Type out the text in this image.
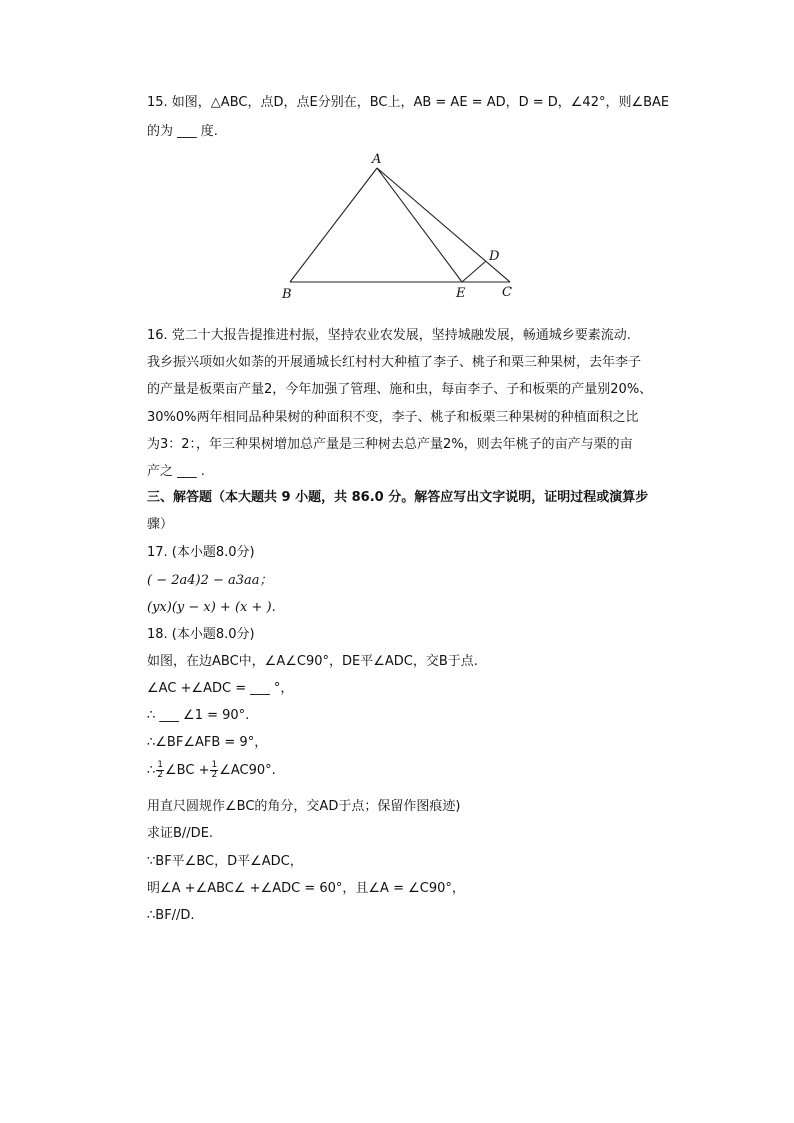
15. 如图，△ABC，点D，点E分别在，BC上，AB = AE = AD，D = D，∠42°，则∠BAE
的为 ___ 度.
A
B	C
D
E
16. 党二十大报告提推进村振，坚持农业农发展，坚持城融发展，畅通城乡要素流动.
我乡振兴项如火如荼的开展通城长红村村大种植了李子、桃子和栗三种果树，去年李子
的产量是板栗亩产量2，今年加强了管理、施和虫，每亩李子、子和板栗的产量别20%、
30%0%两年相同品种果树的种面积不变，李子、桃子和板栗三种果树的种植面积之比
为3：2：，年三种果树增加总产量是三种树去总产量2%，则去年桃子的亩产与栗的亩
产之 ___ .
三、解答题（本大题共 9 小题，共 86.0 分。解答应写出文字说明，证明过程或演算步
骤）
17. (本小题8.0分)
( − 2a4)2 − a3aa；
(yx)(y − x) + (x + ).
18. (本小题8.0分)
如图，在边ABC中，∠A∠C90°，DE平∠ADC，交B于点.
∠AC +∠ADC = ___ °，
∴ ___ ∠1 = 90°.
∴∠BF∠AFB = 9°，
∴ $\frac{1}{2}$ ∠BC + $\frac{1}{2}$ ∠AC90°.
用直尺圆规作∠BC的角分，交AD于点；保留作图痕迹)
求证B//DE.
∵BF平∠BC，D平∠ADC，
明∠A +∠ABC∠ +∠ADC = 60°，且∠A = ∠C90°，
∴BF//D.
